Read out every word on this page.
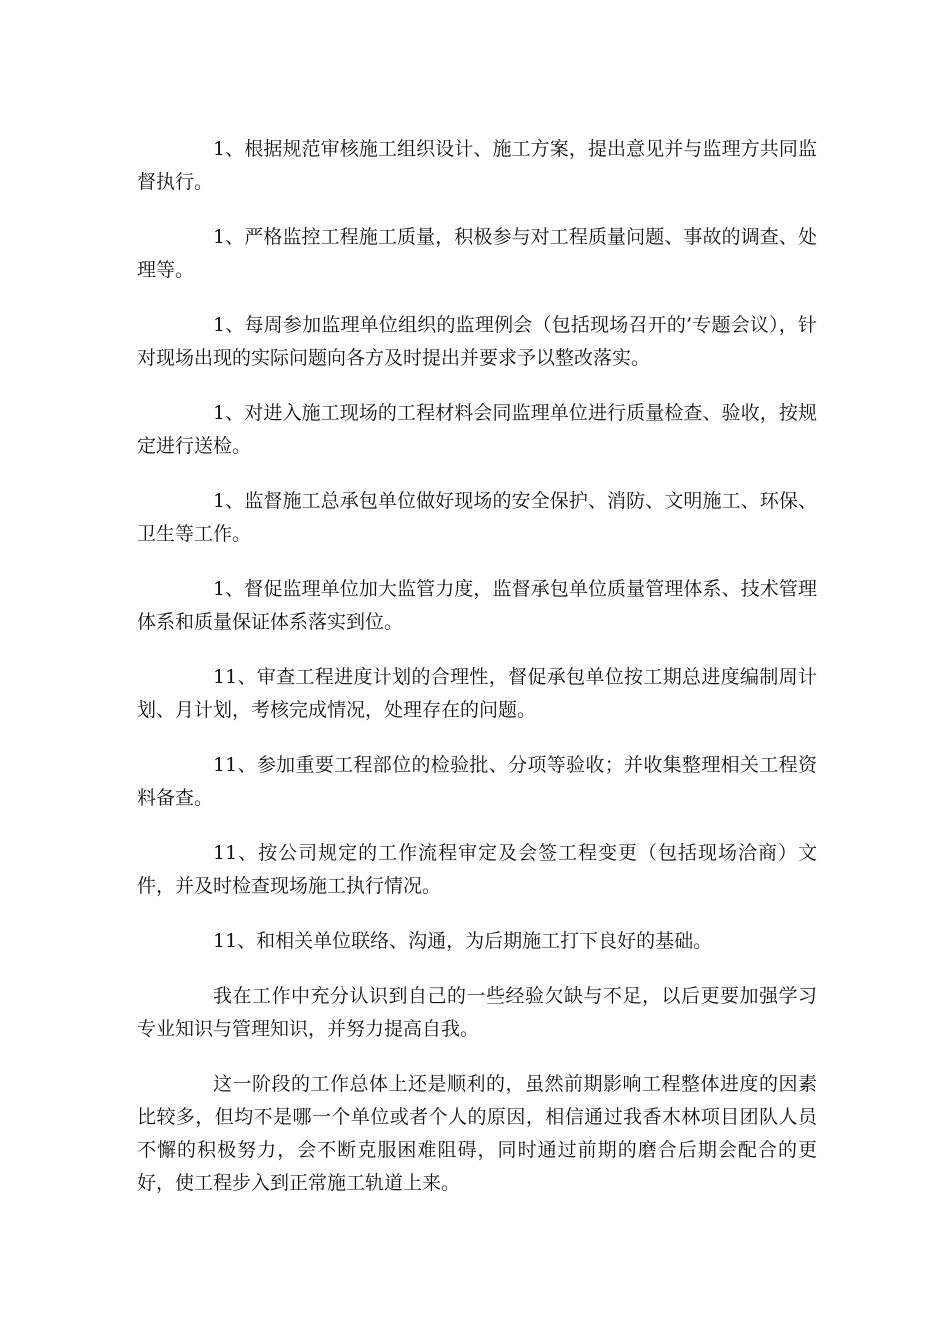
1、根据规范审核施工组织设计、施工方案，提出意见并与监理方共同监督执行。

1、严格监控工程施工质量，积极参与对工程质量问题、事故的调查、处理等。

1、每周参加监理单位组织的监理例会（包括现场召开的’专题会议），针对现场出现的实际问题向各方及时提出并要求予以整改落实。

1、对进入施工现场的工程材料会同监理单位进行质量检查、验收，按规定进行送检。

1、监督施工总承包单位做好现场的安全保护、消防、文明施工、环保、卫生等工作。

1、督促监理单位加大监管力度，监督承包单位质量管理体系、技术管理体系和质量保证体系落实到位。

11、审查工程进度计划的合理性，督促承包单位按工期总进度编制周计划、月计划，考核完成情况，处理存在的问题。

11、参加重要工程部位的检验批、分项等验收；并收集整理相关工程资料备查。

11、按公司规定的工作流程审定及会签工程变更（包括现场洽商）文件，并及时检查现场施工执行情况。

11、和相关单位联络、沟通，为后期施工打下良好的基础。

我在工作中充分认识到自己的一些经验欠缺与不足，以后更要加强学习专业知识与管理知识，并努力提高自我。

这一阶段的工作总体上还是顺利的，虽然前期影响工程整体进度的因素比较多，但均不是哪一个单位或者个人的原因，相信通过我香木林项目团队人员不懈的积极努力，会不断克服困难阻碍，同时通过前期的磨合后期会配合的更好，使工程步入到正常施工轨道上来。
